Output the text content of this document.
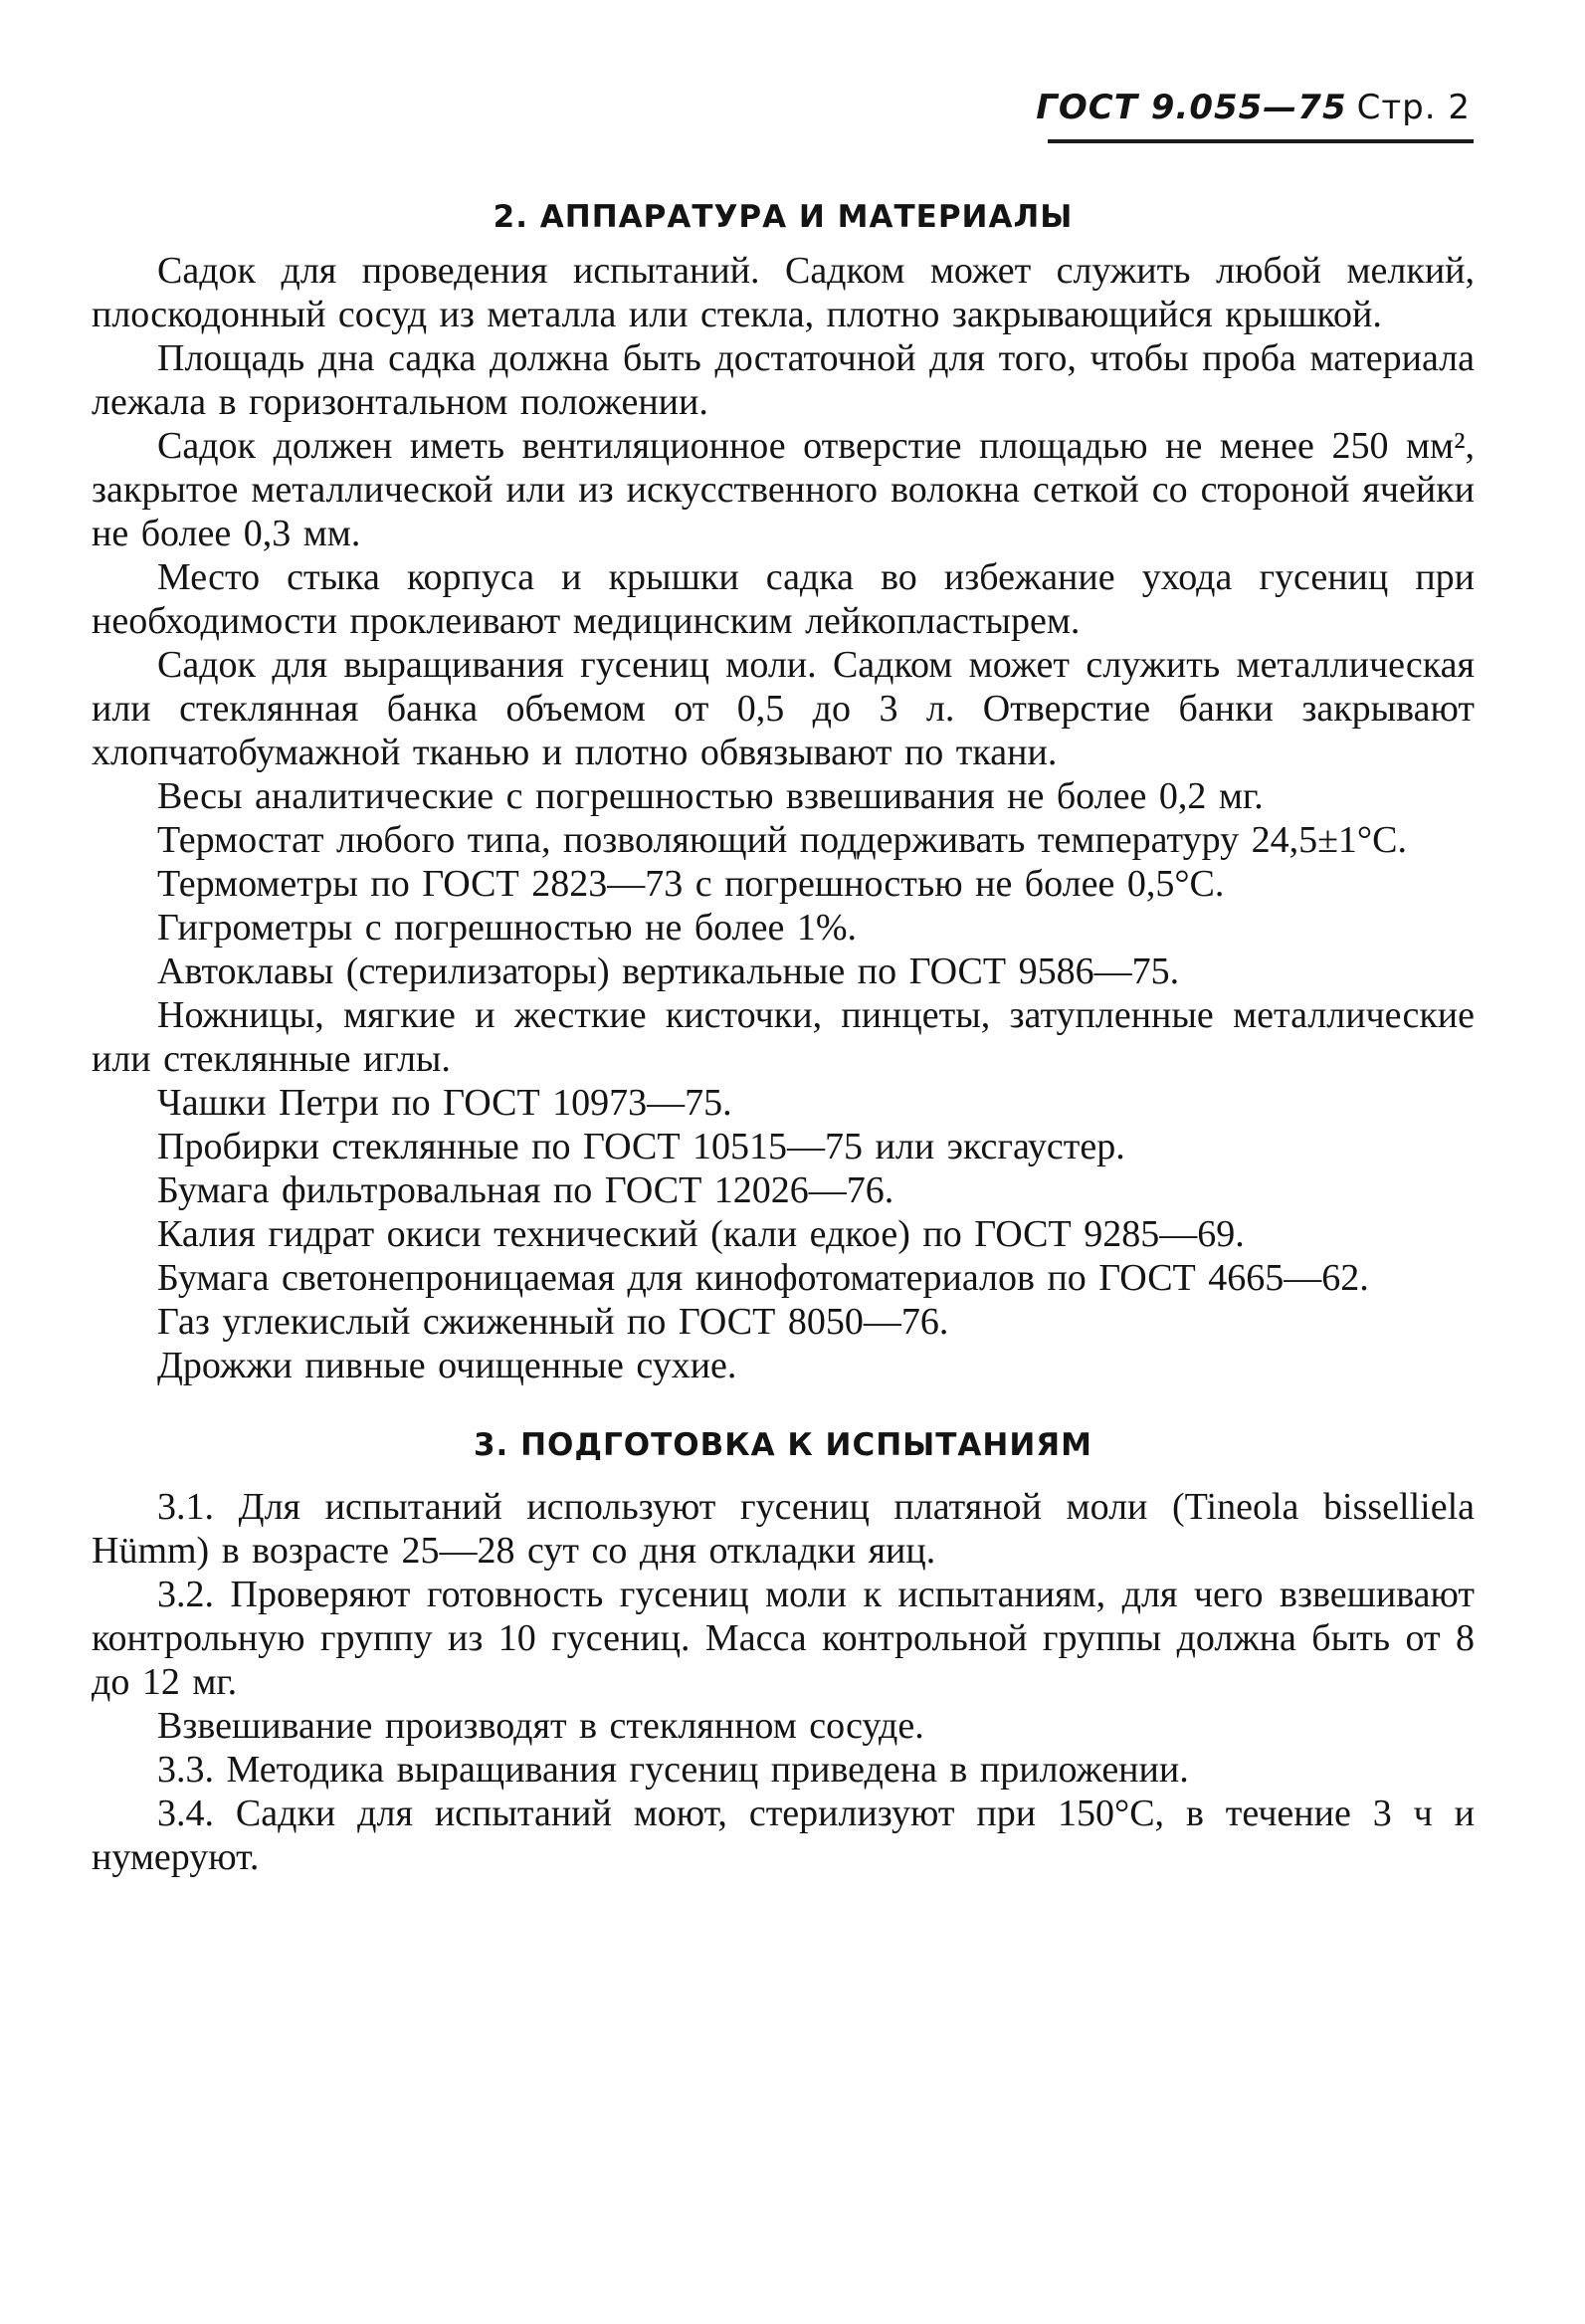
ГОСТ 9.055—75 Стр. 2
2. АППАРАТУРА И МАТЕРИАЛЫ

Садок для проведения испытаний. Садком может служить любой мелкий, плоскодонный сосуд из металла или стекла, плотно закрывающийся крышкой.

Площадь дна садка должна быть достаточной для того, чтобы проба материала лежала в горизонтальном положении.

Садок должен иметь вентиляционное отверстие площадью не менее 250 мм², закрытое металлической или из искусственного волокна сеткой со стороной ячейки не более 0,3 мм.

Место стыка корпуса и крышки садка во избежание ухода гусениц при необходимости проклеивают медицинским лейкопластырем.

Садок для выращивания гусениц моли. Садком может служить металлическая или стеклянная банка объемом от 0,5 до 3 л. Отверстие банки закрывают хлопчатобумажной тканью и плотно обвязывают по ткани.

Весы аналитические с погрешностью взвешивания не более 0,2 мг.

Термостат любого типа, позволяющий поддерживать температуру 24,5±1°С.

Термометры по ГОСТ 2823—73 с погрешностью не более 0,5°С.

Гигрометры с погрешностью не более 1%.

Автоклавы (стерилизаторы) вертикальные по ГОСТ 9586—75.

Ножницы, мягкие и жесткие кисточки, пинцеты, затупленные металлические или стеклянные иглы.

Чашки Петри по ГОСТ 10973—75.

Пробирки стеклянные по ГОСТ 10515—75 или эксгаустер.

Бумага фильтровальная по ГОСТ 12026—76.

Калия гидрат окиси технический (кали едкое) по ГОСТ 9285—69.

Бумага светонепроницаемая для кинофотоматериалов по ГОСТ 4665—62.

Газ углекислый сжиженный по ГОСТ 8050—76.

Дрожжи пивные очищенные сухие.

3. ПОДГОТОВКА К ИСПЫТАНИЯМ

3.1. Для испытаний используют гусениц платяной моли (Tineola bisselliela Hümm) в возрасте 25—28 сут со дня откладки яиц.

3.2. Проверяют готовность гусениц моли к испытаниям, для чего взвешивают контрольную группу из 10 гусениц. Масса контрольной группы должна быть от 8 до 12 мг.

Взвешивание производят в стеклянном сосуде.

3.3. Методика выращивания гусениц приведена в приложении.

3.4. Садки для испытаний моют, стерилизуют при 150°С, в течение 3 ч и нумеруют.
